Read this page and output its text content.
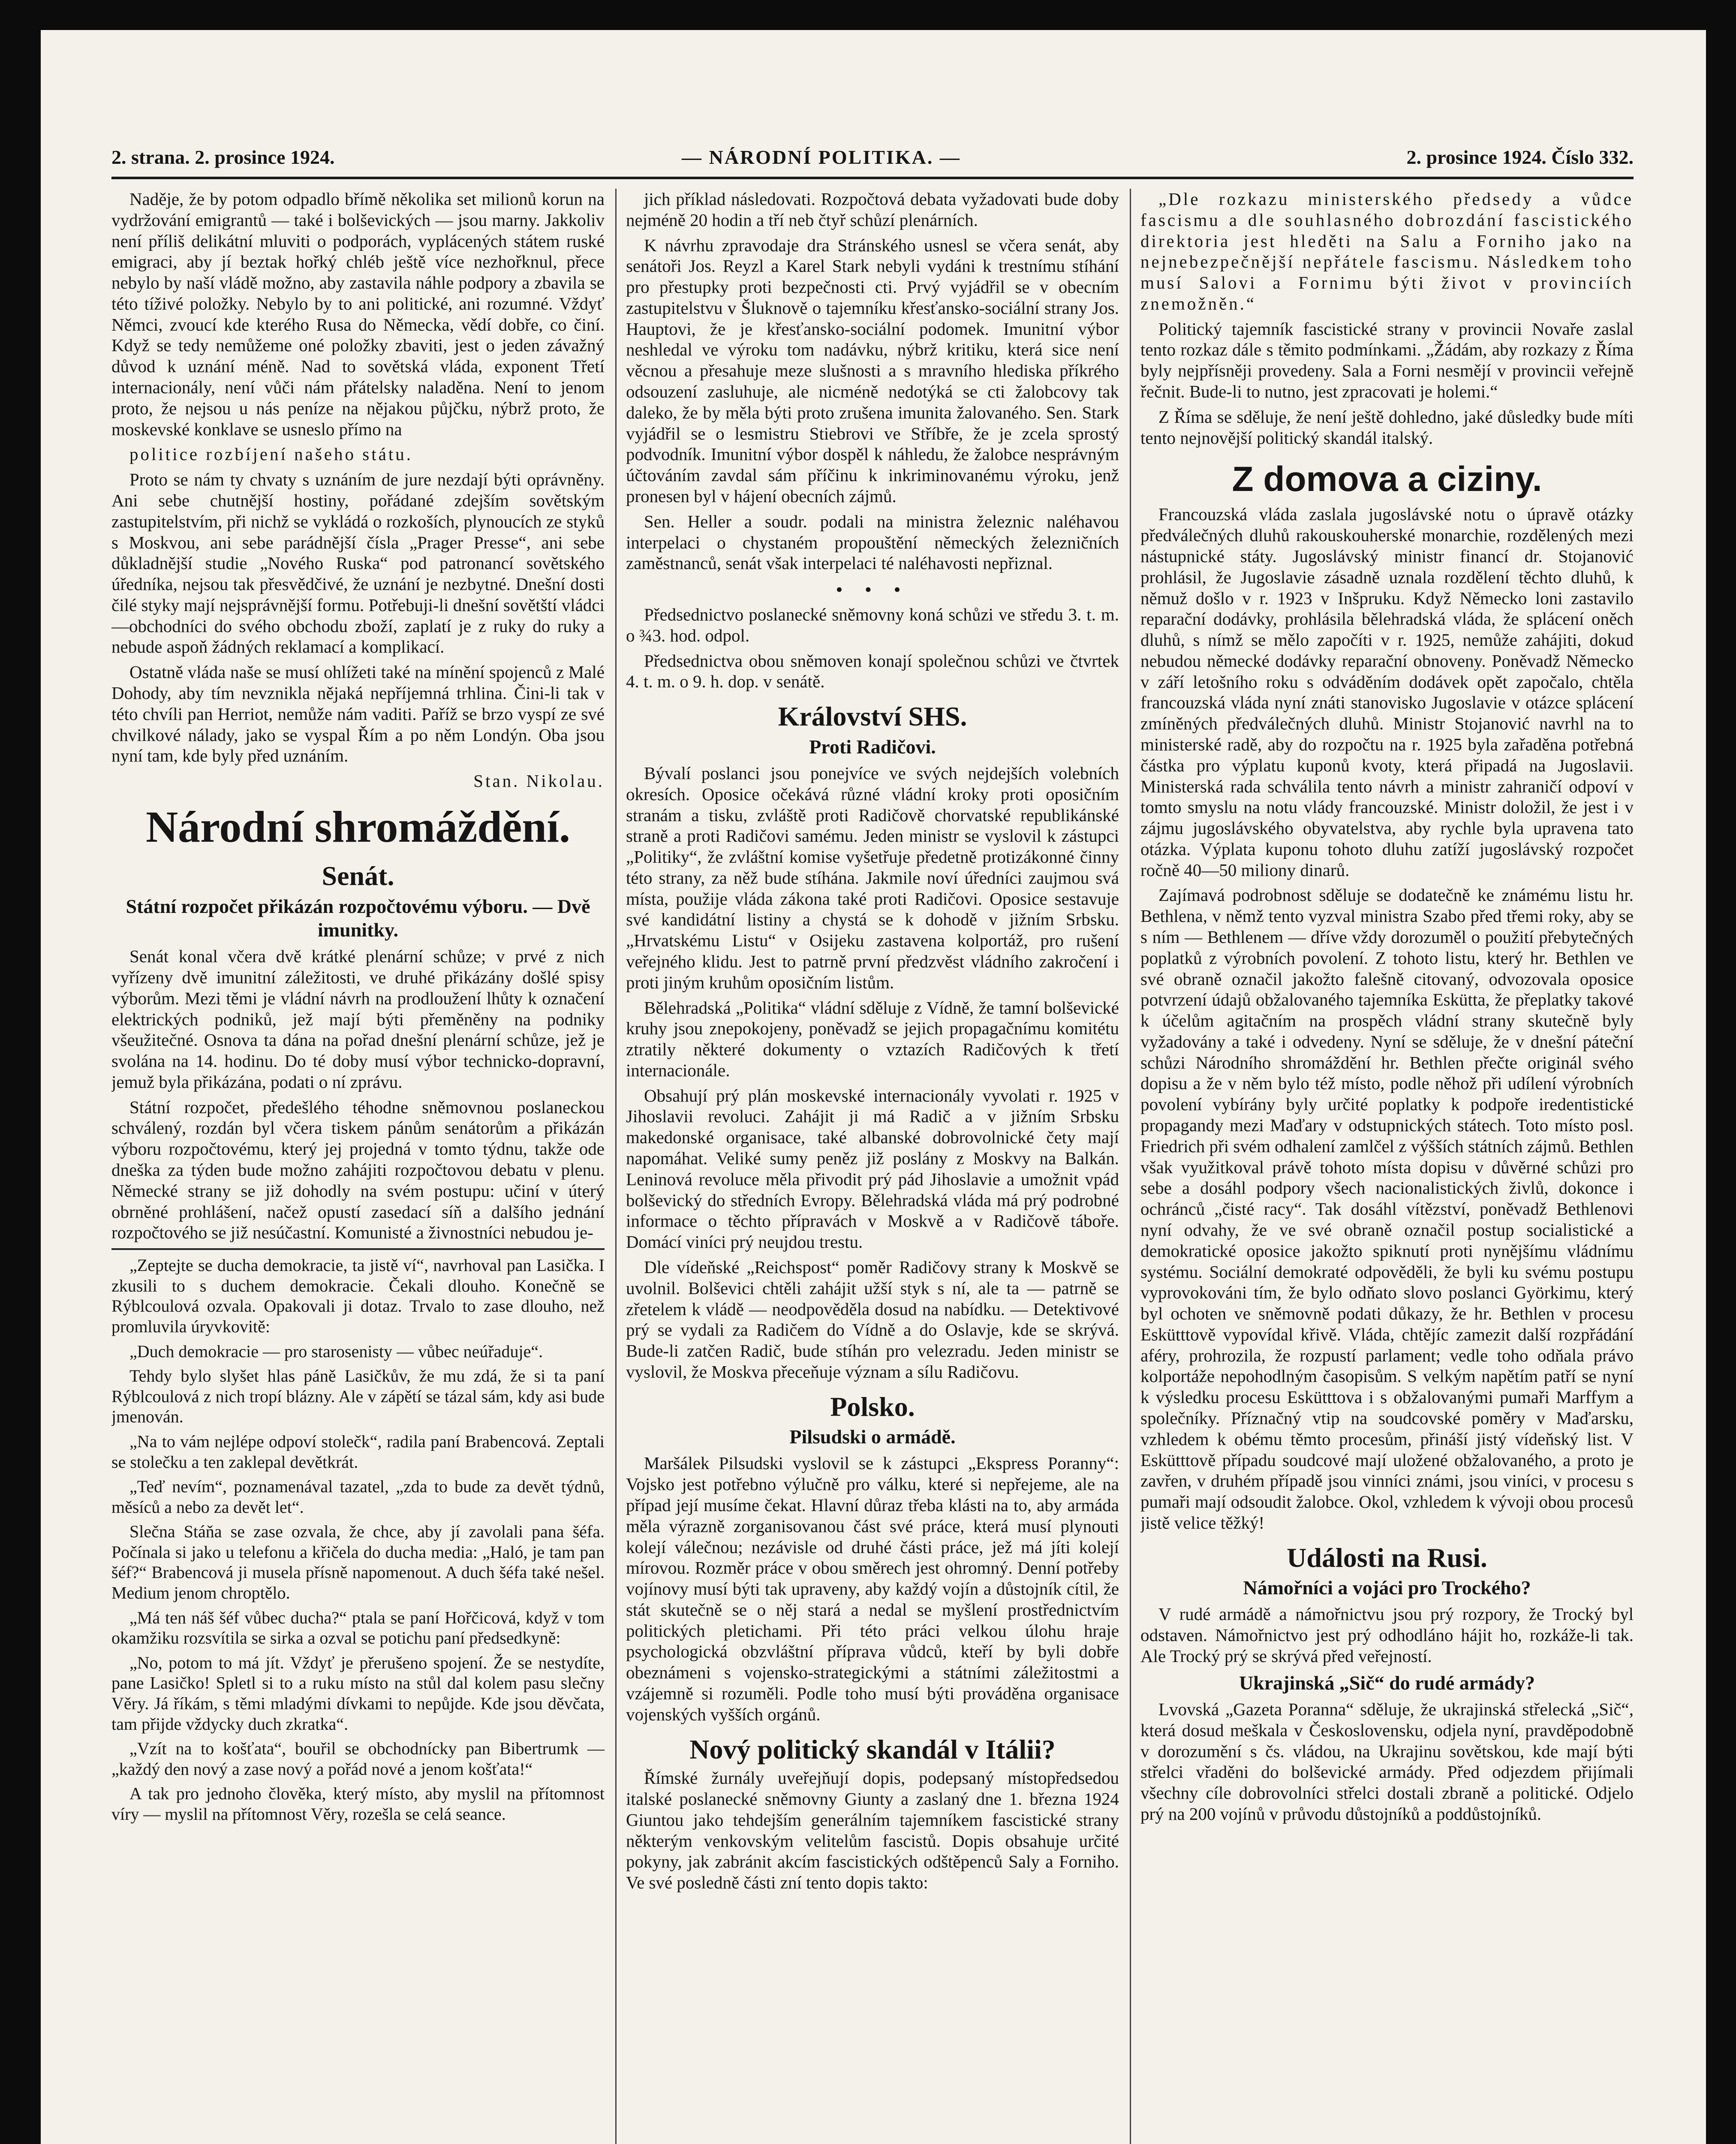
2. strana. 2. prosince 1924.	— NÁRODNÍ POLITIKA. —	2. prosince 1924. Číslo 332.

Naděje, že by potom odpadlo břímě několika set milionů korun na vydržování emigrantů — také i bolševických — jsou marny. Jakkoliv není příliš delikátní mluviti o podporách, vyplácených státem ruské emigraci, aby jí beztak hořký chléb ještě více nezhořknul, přece nebylo by naší vládě možno, aby zastavila náhle podpory a zbavila se této tíživé položky. Nebylo by to ani politické, ani rozumné. Vždyť Němci, zvoucí kde kterého Rusa do Německa, vědí dobře, co činí. Když se tedy nemůžeme oné položky zbaviti, jest o jeden závažný důvod k uznání méně. Nad to sovětská vláda, exponent Třetí internacionály, není vůči nám přátelsky naladěna. Není to jenom proto, že nejsou u nás peníze na nějakou půjčku, nýbrž proto, že moskevské konklave se usneslo přímo na

politice rozbíjení našeho státu.

Proto se nám ty chvaty s uznáním de jure nezdají býti oprávněny. Ani sebe chutnější hostiny, pořádané zdejším sovětským zastupitelstvím, při nichž se vykládá o rozkoších, plynoucích ze styků s Moskvou, ani sebe parádnější čísla „Prager Presse“, ani sebe důkladnější studie „Nového Ruska“ pod patronancí sovětského úředníka, nejsou tak přesvědčivé, že uznání je nezbytné. Dnešní dosti čilé styky mají nejsprávnější formu. Potřebuji-li dnešní sovětští vládci—obchodníci do svého obchodu zboží, zaplatí je z ruky do ruky a nebude aspoň žádných reklamací a komplikací.

Ostatně vláda naše se musí ohlížeti také na mínění spojenců z Malé Dohody, aby tím nevznikla nějaká nepříjemná trhlina. Čini-li tak v této chvíli pan Herriot, nemůže nám vaditi. Paříž se brzo vyspí ze své chvilkové nálady, jako se vyspal Řím a po něm Londýn. Oba jsou nyní tam, kde byly před uznáním.

Stan. Nikolau.

Národní shromáždění.
Senát.
Státní rozpočet přikázán rozpočtovému výboru. — Dvě imunitky.

Senát konal včera dvě krátké plenární schůze; v prvé z nich vyřízeny dvě imunitní záležitosti, ve druhé přikázány došlé spisy výborům. Mezi těmi je vládní návrh na prodloužení lhůty k označení elektrických podniků, jež mají býti přeměněny na podniky všeužitečné. Osnova ta dána na pořad dnešní plenární schůze, jež je svolána na 14. hodinu. Do té doby musí výbor technicko-dopravní, jemuž byla přikázána, podati o ní zprávu.

Státní rozpočet, předešlého téhodne sněmovnou poslaneckou schválený, rozdán byl včera tiskem pánům senátorům a přikázán výboru rozpočtovému, který jej projedná v tomto týdnu, takže ode dneška za týden bude možno zahájiti rozpočtovou debatu v plenu. Německé strany se již dohodly na svém postupu: učiní v úterý obrněné prohlášení, načež opustí zasedací síň a dalšího jednání rozpočtového se již nesúčastní. Komunisté a živnostníci nebudou je-

„Zeptejte se ducha demokracie, ta jistě ví“, navrhoval pan Lasička. I zkusili to s duchem demokracie. Čekali dlouho. Konečně se Rýblcoulová ozvala. Opakovali ji dotaz. Trvalo to zase dlouho, než promluvila úryvkovitě:

„Duch demokracie — pro starosenisty — vůbec neúřaduje“.

Tehdy bylo slyšet hlas páně Lasičkův, že mu zdá, že si ta paní Rýblcoulová z nich tropí blázny. Ale v zápětí se tázal sám, kdy asi bude jmenován.

„Na to vám nejlépe odpoví stolečk“, radila paní Brabencová. Zeptali se stolečku a ten zaklepal devětkrát.

„Teď nevím“, poznamenával tazatel, „zda to bude za devět týdnů, měsíců a nebo za devět let“.

Slečna Stáňa se zase ozvala, že chce, aby jí zavolali pana šéfa. Počínala si jako u telefonu a křičela do ducha media: „Haló, je tam pan šéf?“ Brabencová ji musela přísně napomenout. A duch šéfa také nešel. Medium jenom chroptělo.

„Má ten náš šéf vůbec ducha?“ ptala se paní Hořčicová, když v tom okamžiku rozsvítila se sirka a ozval se potichu paní předsedkyně:

„No, potom to má jít. Vždyť je přerušeno spojení. Že se nestydíte, pane Lasičko! Spletl si to a ruku místo na stůl dal kolem pasu slečny Věry. Já říkám, s těmi mladými dívkami to nepůjde. Kde jsou děvčata, tam přijde vždycky duch zkratka“.

„Vzít na to košťata“, bouřil se obchodnícky pan Bibertrumk — „každý den nový a zase nový a pořád nové a jenom košťata!“

A tak pro jednoho člověka, který místo, aby myslil na přítomnost víry — myslil na přítomnost Věry, rozešla se celá seance.

jich příklad následovati. Rozpočtová debata vyžadovati bude doby nejméně 20 hodin a tří neb čtyř schůzí plenárních.

K návrhu zpravodaje dra Stránského usnesl se včera senát, aby senátoři Jos. Reyzl a Karel Stark nebyli vydáni k trestnímu stíhání pro přestupky proti bezpečnosti cti. Prvý vyjádřil se v obecním zastupitelstvu v Šluknově o tajemníku křesťansko-sociální strany Jos. Hauptovi, že je křesťansko-sociální podomek. Imunitní výbor neshledal ve výroku tom nadávku, nýbrž kritiku, která sice není věcnou a přesahuje meze slušnosti a s mravního hlediska příkrého odsouzení zasluhuje, ale nicméně nedotýká se cti žalobcovy tak daleko, že by měla býti proto zrušena imunita žalovaného. Sen. Stark vyjádřil se o lesmistru Stiebrovi ve Stříbře, že je zcela sprostý podvodník. Imunitní výbor dospěl k náhledu, že žalobce nesprávným účtováním zavdal sám příčinu k inkriminovanému výroku, jenž pronesen byl v hájení obecních zájmů.

Sen. Heller a soudr. podali na ministra železnic naléhavou interpelaci o chystaném propouštění německých železničních zaměstnanců, senát však interpelaci té naléhavosti nepřiznal.

• • •

Předsednictvo poslanecké sněmovny koná schůzi ve středu 3. t. m. o ¾3. hod. odpol.

Předsednictva obou sněmoven konají společnou schůzi ve čtvrtek 4. t. m. o 9. h. dop. v senátě.

Království SHS.
Proti Radičovi.

Bývalí poslanci jsou ponejvíce ve svých nejdejších volebních okresích. Oposice očekává různé vládní kroky proti oposičním stranám a tisku, zvláště proti Radičově chorvatské republikánské straně a proti Radičovi samému. Jeden ministr se vyslovil k zástupci „Politiky“, že zvláštní komise vyšetřuje předetně protizákonné činny této strany, za něž bude stíhána. Jakmile noví úředníci zaujmou svá místa, použije vláda zákona také proti Radičovi. Oposice sestavuje své kandidátní listiny a chystá se k dohodě v jižním Srbsku. „Hrvatskému Listu“ v Osijeku zastavena kolportáž, pro rušení veřejného klidu. Jest to patrně první předzvěst vládního zakročení i proti jiným kruhům oposičním listům.

Bělehradská „Politika“ vládní sděluje z Vídně, že tamní bolševické kruhy jsou znepokojeny, poněvadž se jejich propagačnímu komitétu ztratily některé dokumenty o vztazích Radičových k třetí internacionále.

Obsahují prý plán moskevské internacionály vyvolati r. 1925 v Jihoslavii revoluci. Zahájit ji má Radič a v jižním Srbsku makedonské organisace, také albanské dobrovolnické čety mají napomáhat. Veliké sumy peněz již poslány z Moskvy na Balkán. Leninová revoluce měla přivodit prý pád Jihoslavie a umožnit vpád bolševický do středních Evropy. Bělehradská vláda má prý podrobné informace o těchto přípravách v Moskvě a v Radičově táboře. Domácí viníci prý neujdou trestu.

Dle vídeňské „Reichspost“ poměr Radičovy strany k Moskvě se uvolnil. Bolševici chtěli zahájit užší styk s ní, ale ta — patrně se zřetelem k vládě — neodpověděla dosud na nabídku. — Detektivové prý se vydali za Radičem do Vídně a do Oslavje, kde se skrývá. Bude-li zatčen Radič, bude stíhán pro velezradu. Jeden ministr se vyslovil, že Moskva přeceňuje význam a sílu Radičovu.

Polsko.
Pilsudski o armádě.

Maršálek Pilsudski vyslovil se k zástupci „Ekspress Poranny“: Vojsko jest potřebno výlučně pro válku, které si nepřejeme, ale na případ její musíme čekat. Hlavní důraz třeba klásti na to, aby armáda měla výrazně zorganisovanou část své práce, která musí plynouti kolejí válečnou; nezávisle od druhé části práce, jež má jíti kolejí mírovou. Rozměr práce v obou směrech jest ohromný. Denní potřeby vojínovy musí býti tak upraveny, aby každý vojín a důstojník cítil, že stát skutečně se o něj stará a nedal se myšlení prostřednictvím politických pletichami. Při této práci velkou úlohu hraje psychologická obzvláštní příprava vůdců, kteří by byli dobře obeznámeni s vojensko-strategickými a státními záležitostmi a vzájemně si rozuměli. Podle toho musí býti prováděna organisace vojenských vyšších orgánů.

Nový politický skandál v Itálii?

Římské žurnály uveřejňují dopis, podepsaný místopředsedou italské poslanecké sněmovny Giunty a zaslaný dne 1. března 1924 Giuntou jako tehdejším generálním tajemníkem fascistické strany některým venkovským velitelům fascistů. Dopis obsahuje určité pokyny, jak zabránit akcím fascistických odštěpenců Saly a Forniho. Ve své posledně části zní tento dopis takto:

„Dle rozkazu ministerského předsedy a vůdce fascismu a dle souhlasného dobrozdání fascistického direktoria jest hleděti na Salu a Forniho jako na nejnebezpečnější nepřátele fascismu. Následkem toho musí Salovi a Fornimu býti život v provinciích znemožněn.“

Politický tajemník fascistické strany v provincii Novaře zaslal tento rozkaz dále s těmito podmínkami. „Žádám, aby rozkazy z Říma byly nejpřísněji provedeny. Sala a Forni nesmějí v provincii veřejně řečnit. Bude-li to nutno, jest zpracovati je holemi.“

Z Říma se sděluje, že není ještě dohledno, jaké důsledky bude míti tento nejnovější politický skandál italský.

Z domova a ciziny.

Francouzská vláda zaslala jugoslávské notu o úpravě otázky předválečných dluhů rakouskouherské monarchie, rozdělených mezi nástupnické státy. Jugoslávský ministr financí dr. Stojanović prohlásil, že Jugoslavie zásadně uznala rozdělení těchto dluhů, k němuž došlo v r. 1923 v Inšpruku. Když Německo loni zastavilo reparační dodávky, prohlásila bělehradská vláda, že splácení oněch dluhů, s nímž se mělo započíti v r. 1925, nemůže zahájiti, dokud nebudou německé dodávky reparační obnoveny. Poněvadž Německo v září letošního roku s odváděním dodávek opět započalo, chtěla francouzská vláda nyní znáti stanovisko Jugoslavie v otázce splácení zmíněných předválečných dluhů. Ministr Stojanović navrhl na to ministerské radě, aby do rozpočtu na r. 1925 byla zařaděna potřebná částka pro výplatu kuponů kvoty, která připadá na Jugoslavii. Ministerská rada schválila tento návrh a ministr zahraničí odpoví v tomto smyslu na notu vlády francouzské. Ministr doložil, že jest i v zájmu jugoslávského obyvatelstva, aby rychle byla upravena tato otázka. Výplata kuponu tohoto dluhu zatíží jugoslávský rozpočet ročně 40—50 miliony dinarů.

Zajímavá podrobnost sděluje se dodatečně ke známému listu hr. Bethlena, v němž tento vyzval ministra Szabo před třemi roky, aby se s ním — Bethlenem — dříve vždy dorozuměl o použití přebytečných poplatků z výrobních povolení. Z tohoto listu, který hr. Bethlen ve své obraně označil jakožto falešně citovaný, odvozovala oposice potvrzení údajů obžalovaného tajemníka Eskütta, že přeplatky takové k účelům agitačním na prospěch vládní strany skutečně byly vyžadovány a také i odvedeny. Nyní se sděluje, že v dnešní páteční schůzi Národního shromáždění hr. Bethlen přečte originál svého dopisu a že v něm bylo též místo, podle něhož při udílení výrobních povolení vybírány byly určité poplatky k podpoře iredentistické propagandy mezi Maďary v odstupnických státech. Toto místo posl. Friedrich při svém odhalení zamlčel z výšších státních zájmů. Bethlen však využitkoval právě tohoto místa dopisu v důvěrné schůzi pro sebe a dosáhl podpory všech nacionalistických živlů, dokonce i ochránců „čisté racy“. Tak dosáhl vítězství, poněvadž Bethlenovi nyní odvahy, že ve své obraně označil postup socialistické a demokratické oposice jakožto spiknutí proti nynějšímu vládnímu systému. Sociální demokraté odpověděli, že byli ku svému postupu vyprovokováni tím, že bylo odňato slovo poslanci Györkimu, který byl ochoten ve sněmovně podati důkazy, že hr. Bethlen v procesu Eskütttově vypovídal křivě. Vláda, chtějíc zamezit další rozpřádání aféry, prohrozila, že rozpustí parlament; vedle toho odňala právo kolportáže nepohodlným časopisům. S velkým napětím patří se nyní k výsledku procesu Eskütttova i s obžalovanými pumaři Marffym a společníky. Příznačný vtip na soudcovské poměry v Maďarsku, vzhledem k obému těmto procesům, přináší jistý vídeňský list. V Eskütttově případu soudcové mají uložené obžalovaného, a proto je zavřen, v druhém případě jsou vinníci známi, jsou viníci, v procesu s pumaři mají odsoudit žalobce. Okol, vzhledem k vývoji obou procesů jistě velice těžký!

Události na Rusi.
Námořníci a vojáci pro Trockého?

V rudé armádě a námořnictvu jsou prý rozpory, že Trocký byl odstaven. Námořnictvo jest prý odhodláno hájit ho, rozkáže-li tak. Ale Trocký prý se skrývá před veřejností.

Ukrajinská „Sič“ do rudé armády?

Lvovská „Gazeta Poranna“ sděluje, že ukrajinská střelecká „Sič“, která dosud meškala v Československu, odjela nyní, pravděpodobně v dorozumění s čs. vládou, na Ukrajinu sovětskou, kde mají býti střelci vřaděni do bolševické armády. Před odjezdem přijímali všechny cíle dobrovolníci střelci dostali zbraně a politické. Odjelo prý na 200 vojínů v průvodu důstojníků a poddůstojníků.
